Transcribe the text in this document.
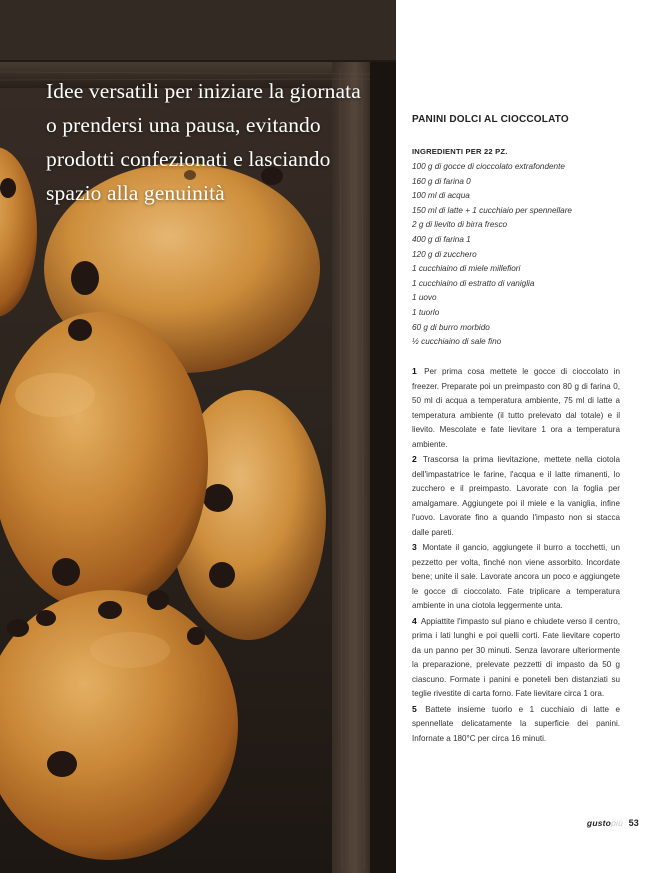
Idee versatili per iniziare la giornata o prendersi una pausa, evitando prodotti confezionati e lasciando spazio alla genuinità
PANINI DOLCI AL CIOCCOLATO
INGREDIENTI PER 22 PZ.
100 g di gocce di cioccolato extrafondente
160 g di farina 0
100 ml di acqua
150 ml di latte + 1 cucchiaio per spennellare
2 g di lievito di birra fresco
400 g di farina 1
120 g di zucchero
1 cucchiaino di miele millefiori
1 cucchiaino di estratto di vaniglia
1 uovo
1 tuorlo
60 g di burro morbido
½ cucchiaino di sale fino

1 Per prima cosa mettete le gocce di cioccolato in freezer. Preparate poi un preimpasto con 80 g di farina 0, 50 ml di acqua a temperatura ambiente, 75 ml di latte a temperatura ambiente (il tutto prelevato dal totale) e il lievito. Mescolate e fate lievitare 1 ora a temperatura ambiente.

2 Trascorsa la prima lievitazione, mettete nella ciotola dell'impastatrice le farine, l'acqua e il latte rimanenti, lo zucchero e il preimpasto. Lavorate con la foglia per amalgamare. Aggiungete poi il miele e la vaniglia, infine l'uovo. Lavorate fino a quando l'impasto non si stacca dalle pareti.

3 Montate il gancio, aggiungete il burro a tocchetti, un pezzetto per volta, finché non viene assorbito. Incordate bene; unite il sale. Lavorate ancora un poco e aggiungete le gocce di cioccolato. Fate triplicare a temperatura ambiente in una ciotola leggermente unta.

4 Appiattite l'impasto sul piano e chiudete verso il centro, prima i lati lunghi e poi quelli corti. Fate lievitare coperto da un panno per 30 minuti. Senza lavorare ulteriormente la preparazione, prelevate pezzetti di impasto da 50 g ciascuno. Formate i panini e poneteli ben distanziati su teglie rivestite di carta forno. Fate lievitare circa 1 ora.

5 Battete insieme tuorlo e 1 cucchiaio di latte e spennellate delicatamente la superficie dei panini. Infornate a 180°C per circa 16 minuti.

gustopiù 53
